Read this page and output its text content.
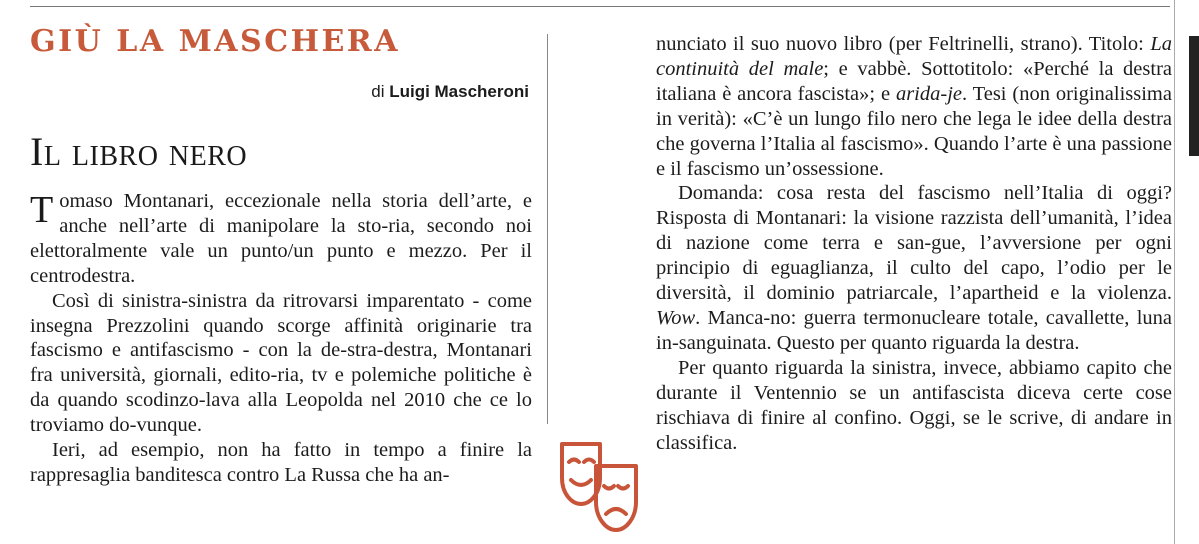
GIÙ LA MASCHERA
di Luigi Mascheroni
Il libro nero

Tomaso Montanari, eccezionale nella storia dell’arte, e anche nell’arte di manipolare la sto-ria, secondo noi elettoralmente vale un punto/un punto e mezzo. Per il centrodestra.

Così di sinistra-sinistra da ritrovarsi imparentato - come insegna Prezzolini quando scorge affinità originarie tra fascismo e antifascismo - con la de-stra-destra, Montanari fra università, giornali, edito-ria, tv e polemiche politiche è da quando scodinzo-lava alla Leopolda nel 2010 che ce lo troviamo do-vunque.

Ieri, ad esempio, non ha fatto in tempo a finire la rappresaglia banditesca contro La Russa che ha an-

nunciato il suo nuovo libro (per Feltrinelli, strano). Titolo: La continuità del male; e vabbè. Sottotitolo: «Perché la destra italiana è ancora fascista»; e arida-je. Tesi (non originalissima in verità): «C’è un lungo filo nero che lega le idee della destra che governa l’Italia al fascismo». Quando l’arte è una passione e il fascismo un’ossessione.

Domanda: cosa resta del fascismo nell’Italia di oggi? Risposta di Montanari: la visione razzista dell’umanità, l’idea di nazione come terra e san-gue, l’avversione per ogni principio di eguaglianza, il culto del capo, l’odio per le diversità, il dominio patriarcale, l’apartheid e la violenza. Wow. Manca-no: guerra termonucleare totale, cavallette, luna in-sanguinata. Questo per quanto riguarda la destra.

Per quanto riguarda la sinistra, invece, abbiamo capito che durante il Ventennio se un antifascista diceva certe cose rischiava di finire al confino. Oggi, se le scrive, di andare in classifica.
